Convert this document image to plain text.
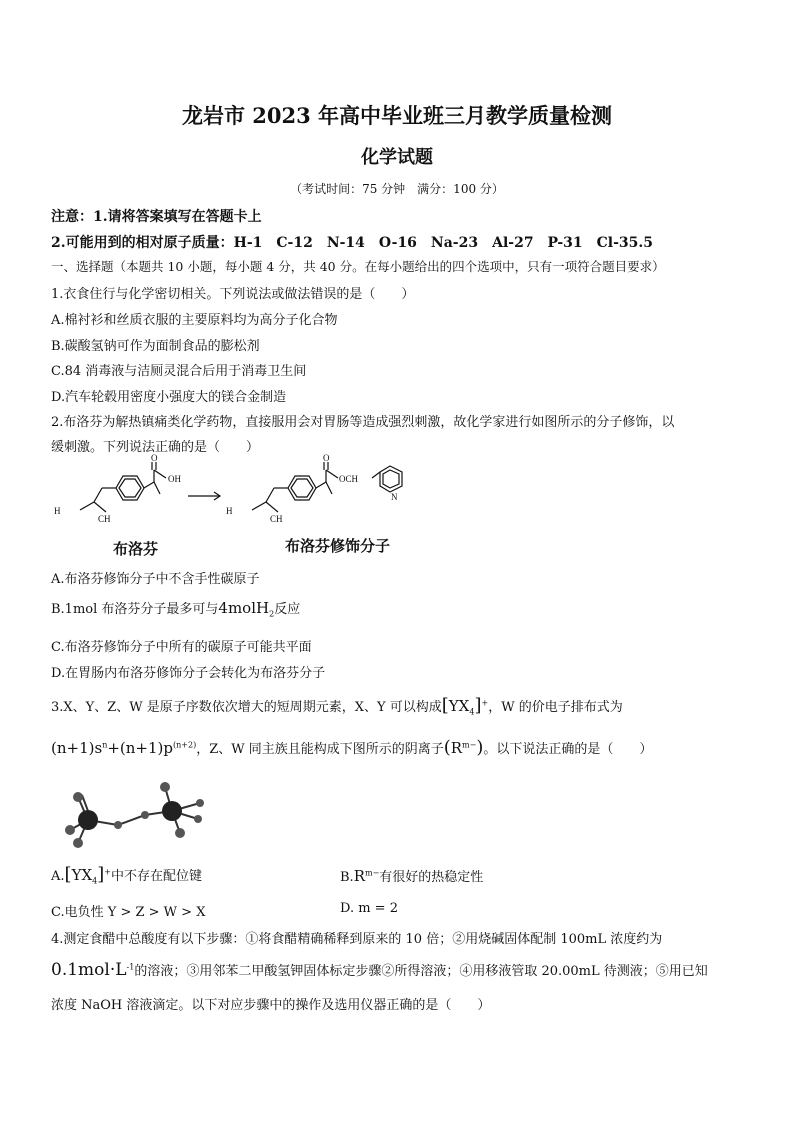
龙岩市 2023 年高中毕业班三月教学质量检测
化学试题
（考试时间：75 分钟　满分：100 分）
注意：1.请将答案填写在答题卡上
2.可能用到的相对原子质量：H-1　C-12　N-14　O-16　Na-23　Al-27　P-31　Cl-35.5
一、选择题（本题共 10 小题，每小题 4 分，共 40 分。在每小题给出的四个选项中，只有一项符合题目要求）
1.衣食住行与化学密切相关。下列说法或做法错误的是（　　）
A.棉衬衫和丝质衣服的主要原料均为高分子化合物
B.碳酸氢钠可作为面制食品的膨松剂
C.84 消毒液与洁厕灵混合后用于消毒卫生间
D.汽车轮毂用密度小强度大的镁合金制造
2.布洛芬为解热镇痛类化学药物，直接服用会对胃肠等造成强烈刺激，故化学家进行如图所示的分子修饰，以
缓刺激。下列说法正确的是（　　）
OH
O	O
OCH
H
CH
H
CH
N
布洛芬	布洛芬修饰分子
A.布洛芬修饰分子中不含手性碳原子
B.1mol 布洛芬分子最多可与4molH$_2$反应
C.布洛芬修饰分子中所有的碳原子可能共平面
D.在胃肠内布洛芬修饰分子会转化为布洛芬分子
3.X、Y、Z、W 是原子序数依次增大的短周期元素，X、Y 可以构成$[YX_4]^+$，W 的价电子排布式为
$(n+1)s^n+(n+1)p^{(n+2)}$，Z、W 同主族且能构成下图所示的阴离子$(R^{m-})$。以下说法正确的是（　　）
$A.[YX_4]^+$中不存在配位键	$B.R^{m-}$有很好的热稳定性
C.电负性 Y > Z > W > X	D. m = 2
4.测定食醋中总酸度有以下步骤：①将食醋精确稀释到原来的 10 倍；②用烧碱固体配制 100mL 浓度约为
$0.1mol\cdot L^{-1}$的溶液；③用邻苯二甲酸氢钾固体标定步骤②所得溶液；④用移液管取 20.00mL 待测液；⑤用已知
浓度 NaOH 溶液滴定。以下对应步骤中的操作及选用仪器正确的是（　　）
